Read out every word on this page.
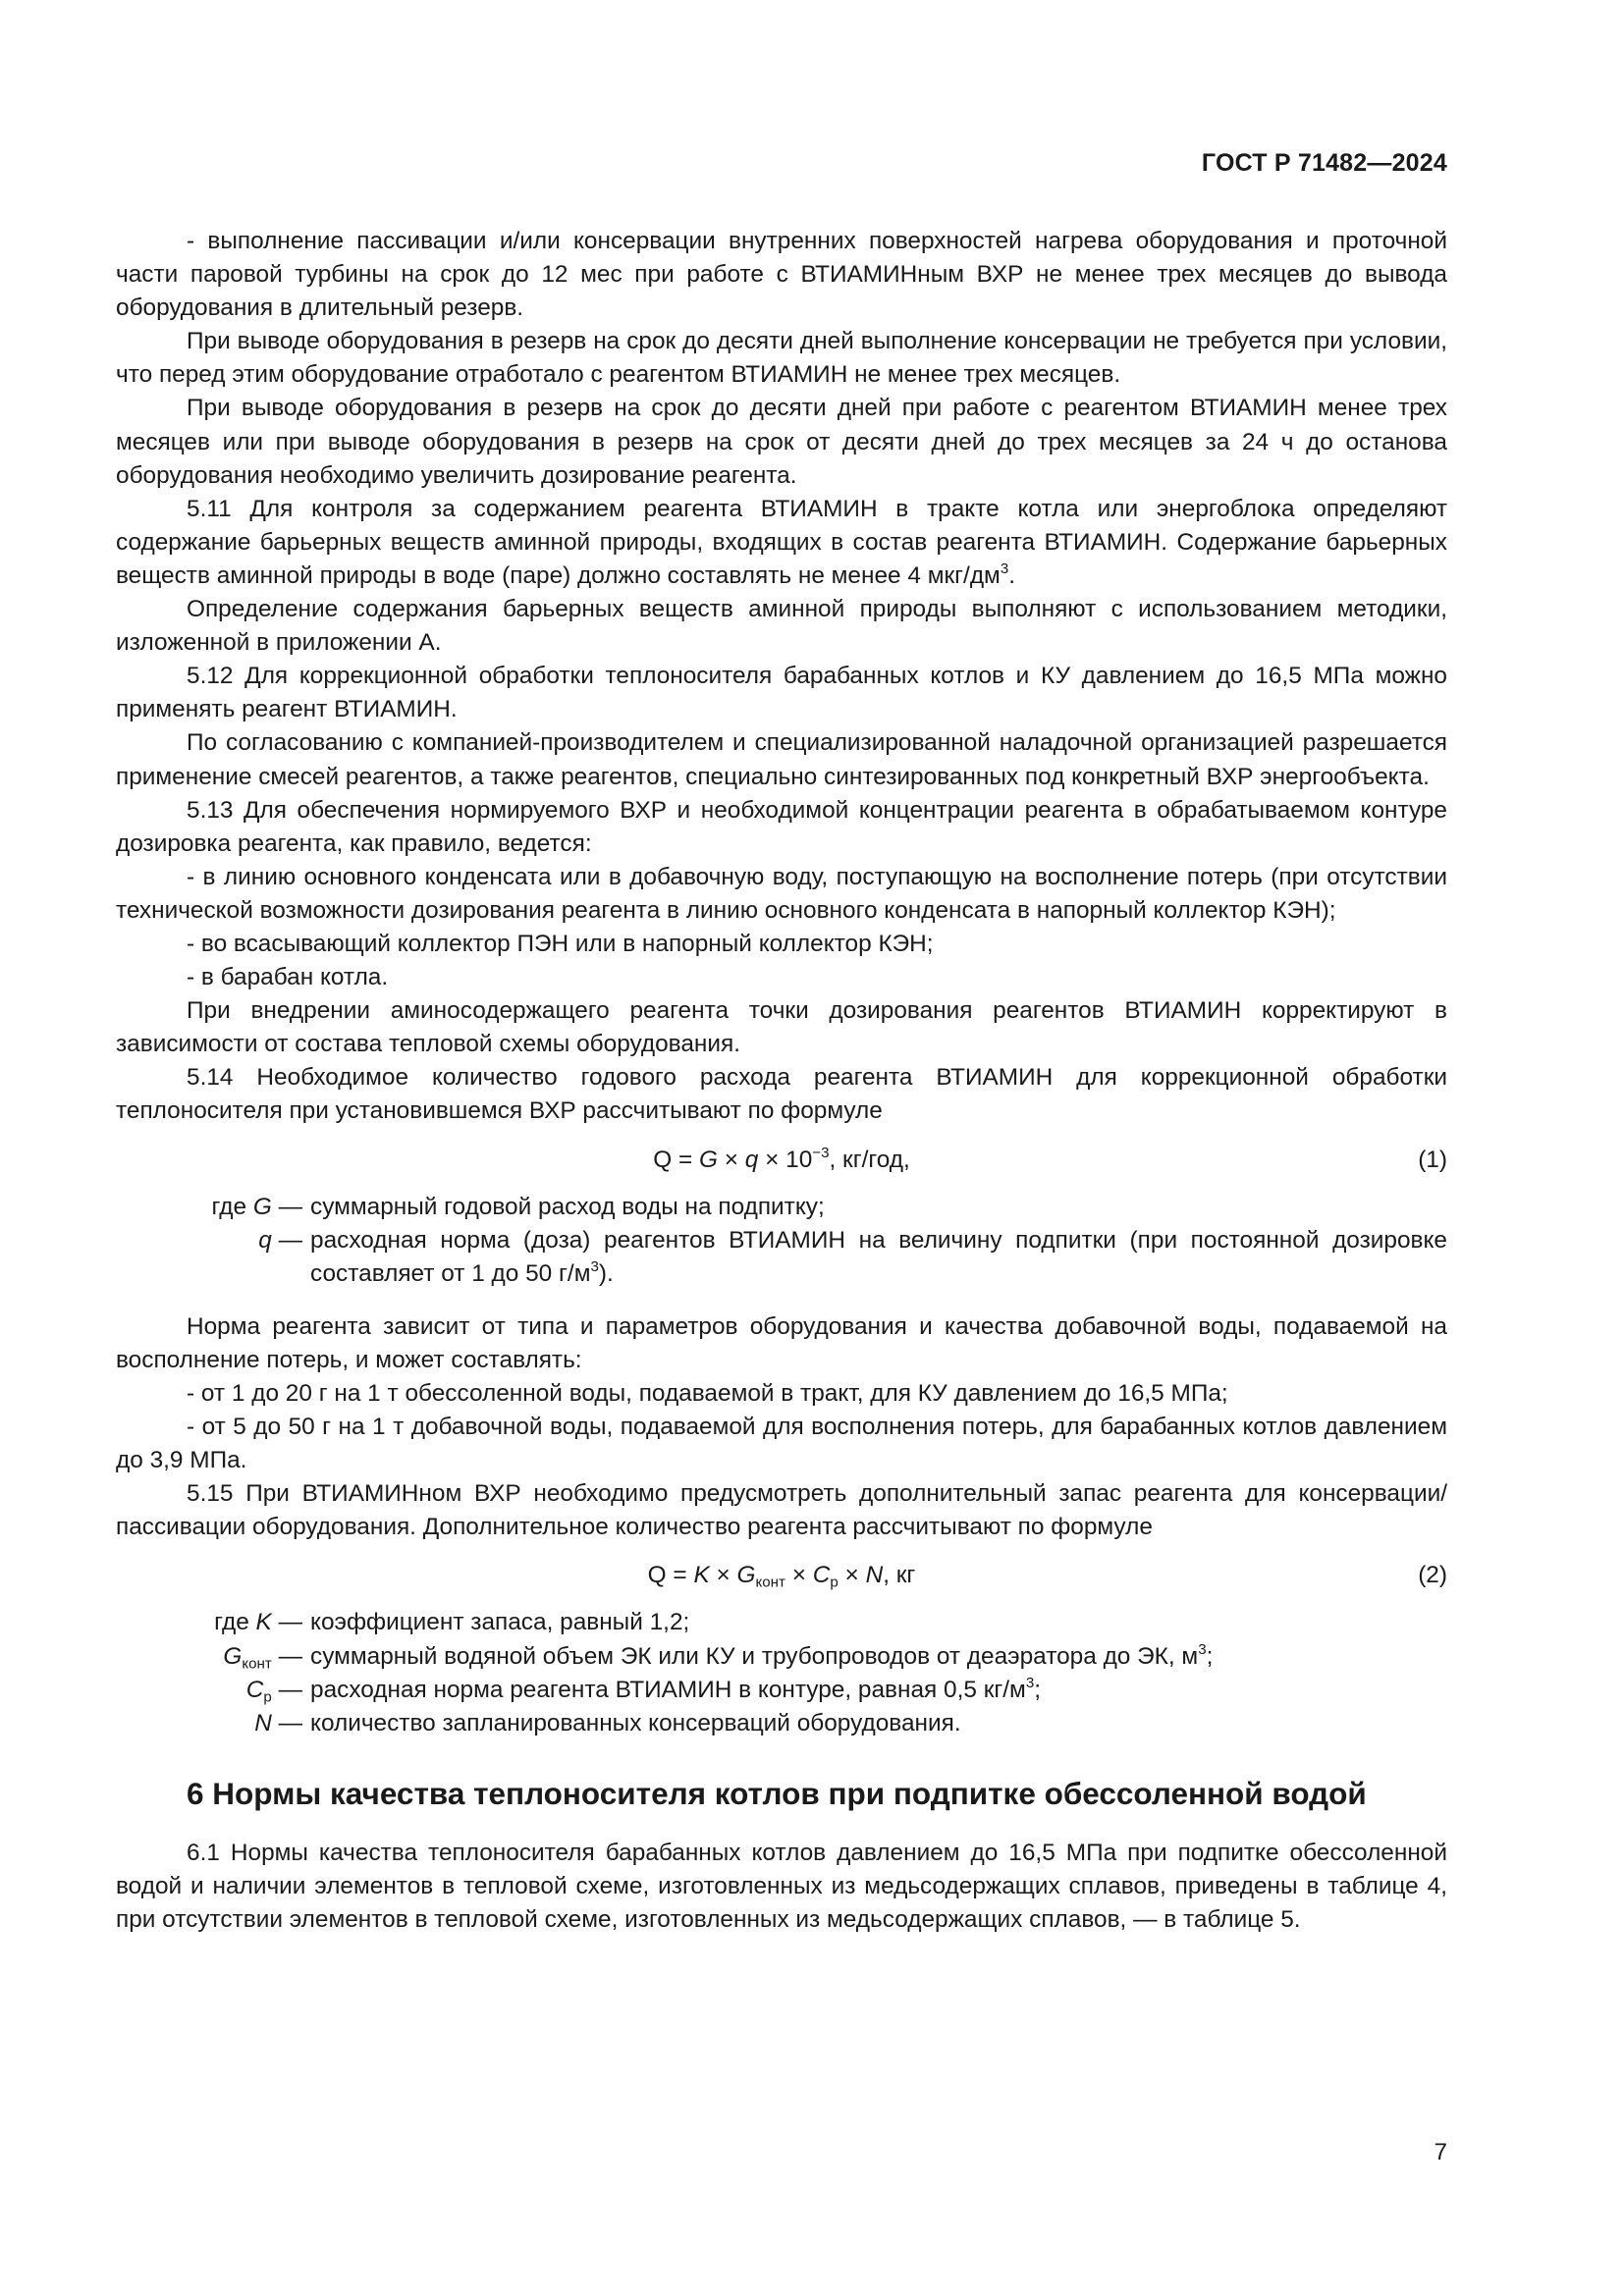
ГОСТ Р 71482—2024

- выполнение пассивации и/или консервации внутренних поверхностей нагрева оборудования и проточной части паровой турбины на срок до 12 мес при работе с ВТИАМИНным ВХР не менее трех месяцев до вывода оборудования в длительный резерв.

При выводе оборудования в резерв на срок до десяти дней выполнение консервации не требуется при условии, что перед этим оборудование отработало с реагентом ВТИАМИН не менее трех месяцев.

При выводе оборудования в резерв на срок до десяти дней при работе с реагентом ВТИАМИН менее трех месяцев или при выводе оборудования в резерв на срок от десяти дней до трех месяцев за 24 ч до останова оборудования необходимо увеличить дозирование реагента.

5.11 Для контроля за содержанием реагента ВТИАМИН в тракте котла или энергоблока определяют содержание барьерных веществ аминной природы, входящих в состав реагента ВТИАМИН. Содержание барьерных веществ аминной природы в воде (паре) должно составлять не менее 4 мкг/$дм^3$.

Определение содержания барьерных веществ аминной природы выполняют с использованием методики, изложенной в приложении А.

5.12 Для коррекционной обработки теплоносителя барабанных котлов и КУ давлением до 16,5 МПа можно применять реагент ВТИАМИН.

По согласованию с компанией-производителем и специализированной наладочной организацией разрешается применение смесей реагентов, а также реагентов, специально синтезированных под конкретный ВХР энергообъекта.

5.13 Для обеспечения нормируемого ВХР и необходимой концентрации реагента в обрабатываемом контуре дозировка реагента, как правило, ведется:

- в линию основного конденсата или в добавочную воду, поступающую на восполнение потерь (при отсутствии технической возможности дозирования реагента в линию основного конденсата в напорный коллектор КЭН);

- во всасывающий коллектор ПЭН или в напорный коллектор КЭН;

- в барабан котла.

При внедрении аминосодержащего реагента точки дозирования реагентов ВТИАМИН корректируют в зависимости от состава тепловой схемы оборудования.

5.14 Необходимое количество годового расхода реагента ВТИАМИН для коррекционной обработки теплоносителя при установившемся ВХР рассчитывают по формуле

$Q = G \times q \times 10^{-3}$, кг/год,	(1)
где G — суммарный годовой расход воды на подпитку;
q — расходная норма (доза) реагентов ВТИАМИН на величину подпитки (при постоянной дозировке составляет от 1 до 50 $г/м^3$).

Норма реагента зависит от типа и параметров оборудования и качества добавочной воды, подаваемой на восполнение потерь, и может составлять:

- от 1 до 20 г на 1 т обессоленной воды, подаваемой в тракт, для КУ давлением до 16,5 МПа;

- от 5 до 50 г на 1 т добавочной воды, подаваемой для восполнения потерь, для барабанных котлов давлением до 3,9 МПа.

5.15 При ВТИАМИНном ВХР необходимо предусмотреть дополнительный запас реагента для консервации/пассивации оборудования. Дополнительное количество реагента рассчитывают по формуле

$Q = K \times G_{конт} \times C_р \times N$, кг	(2)
где K — коэффициент запаса, равный 1,2;
$G_{конт}$ — суммарный водяной объем ЭК или КУ и трубопроводов от деаэратора до ЭК, $м^3$;
$C_р$ — расходная норма реагента ВТИАМИН в контуре, равная 0,5 $кг/м^3$;
N — количество запланированных консерваций оборудования.
6 Нормы качества теплоносителя котлов при подпитке обессоленной водой

6.1 Нормы качества теплоносителя барабанных котлов давлением до 16,5 МПа при подпитке обессоленной водой и наличии элементов в тепловой схеме, изготовленных из медьсодержащих сплавов, приведены в таблице 4, при отсутствии элементов в тепловой схеме, изготовленных из медьсодержащих сплавов, — в таблице 5.

7
